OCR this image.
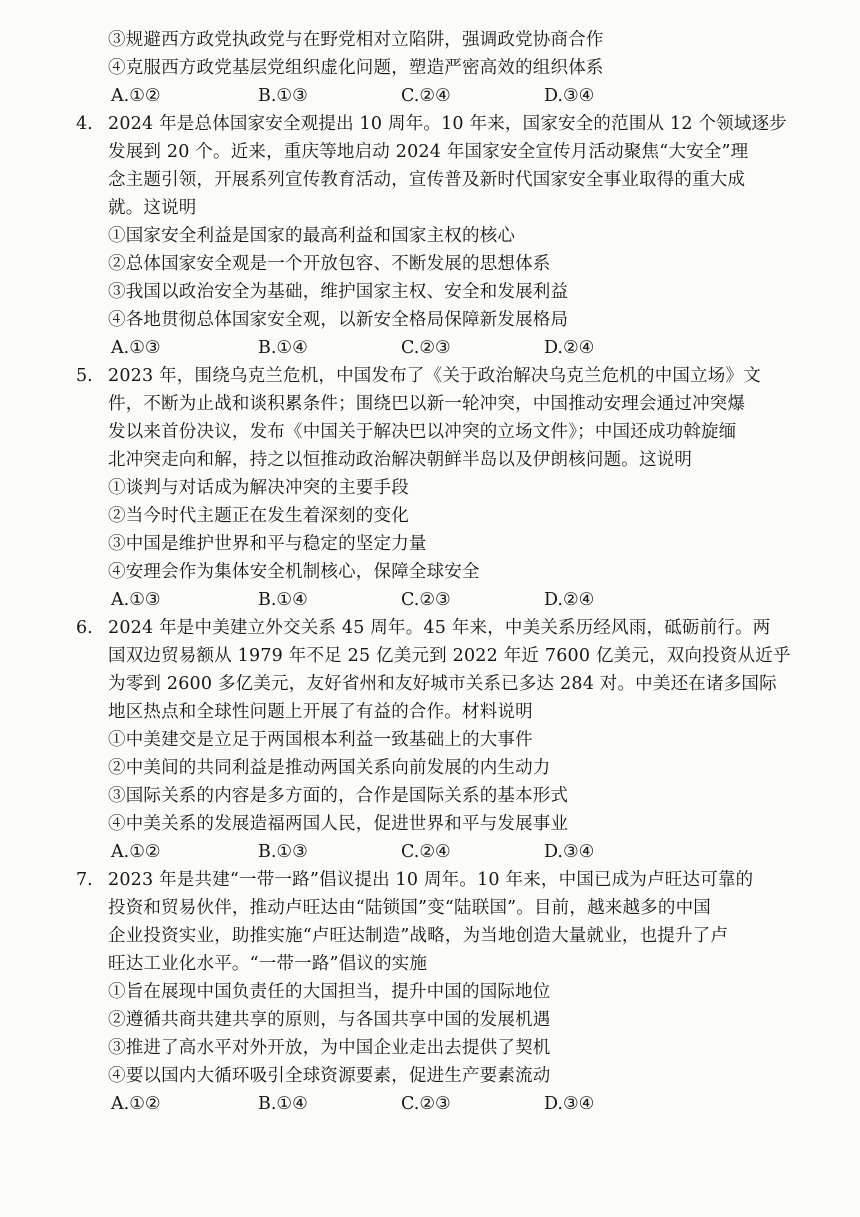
③规避西方政党执政党与在野党相对立陷阱，强调政党协商合作
④克服西方政党基层党组织虚化问题，塑造严密高效的组织体系
A.①②	B.①③	C.②④	D.③④
4. 2024 年是总体国家安全观提出 10 周年。10 年来，国家安全的范围从 12 个领域逐步
发展到 20 个。近来，重庆等地启动 2024 年国家安全宣传月活动聚焦“大安全”理
念主题引领，开展系列宣传教育活动，宣传普及新时代国家安全事业取得的重大成
就。这说明
①国家安全利益是国家的最高利益和国家主权的核心
②总体国家安全观是一个开放包容、不断发展的思想体系
③我国以政治安全为基础，维护国家主权、安全和发展利益
④各地贯彻总体国家安全观，以新安全格局保障新发展格局
A.①③	B.①④	C.②③	D.②④
5. 2023 年，围绕乌克兰危机，中国发布了《关于政治解决乌克兰危机的中国立场》文
件，不断为止战和谈积累条件；围绕巴以新一轮冲突，中国推动安理会通过冲突爆
发以来首份决议，发布《中国关于解决巴以冲突的立场文件》；中国还成功斡旋缅
北冲突走向和解，持之以恒推动政治解决朝鲜半岛以及伊朗核问题。这说明
①谈判与对话成为解决冲突的主要手段
②当今时代主题正在发生着深刻的变化
③中国是维护世界和平与稳定的坚定力量
④安理会作为集体安全机制核心，保障全球安全
A.①③	B.①④	C.②③	D.②④
6. 2024 年是中美建立外交关系 45 周年。45 年来，中美关系历经风雨，砥砺前行。两
国双边贸易额从 1979 年不足 25 亿美元到 2022 年近 7600 亿美元，双向投资从近乎
为零到 2600 多亿美元，友好省州和友好城市关系已多达 284 对。中美还在诸多国际
地区热点和全球性问题上开展了有益的合作。材料说明
①中美建交是立足于两国根本利益一致基础上的大事件
②中美间的共同利益是推动两国关系向前发展的内生动力
③国际关系的内容是多方面的，合作是国际关系的基本形式
④中美关系的发展造福两国人民，促进世界和平与发展事业
A.①②	B.①③	C.②④	D.③④
7. 2023 年是共建“一带一路”倡议提出 10 周年。10 年来，中国已成为卢旺达可靠的
投资和贸易伙伴，推动卢旺达由“陆锁国”变“陆联国”。目前，越来越多的中国
企业投资实业，助推实施“卢旺达制造”战略，为当地创造大量就业，也提升了卢
旺达工业化水平。“一带一路”倡议的实施
①旨在展现中国负责任的大国担当，提升中国的国际地位
②遵循共商共建共享的原则，与各国共享中国的发展机遇
③推进了高水平对外开放，为中国企业走出去提供了契机
④要以国内大循环吸引全球资源要素，促进生产要素流动
A.①②	B.①④	C.②③	D.③④
